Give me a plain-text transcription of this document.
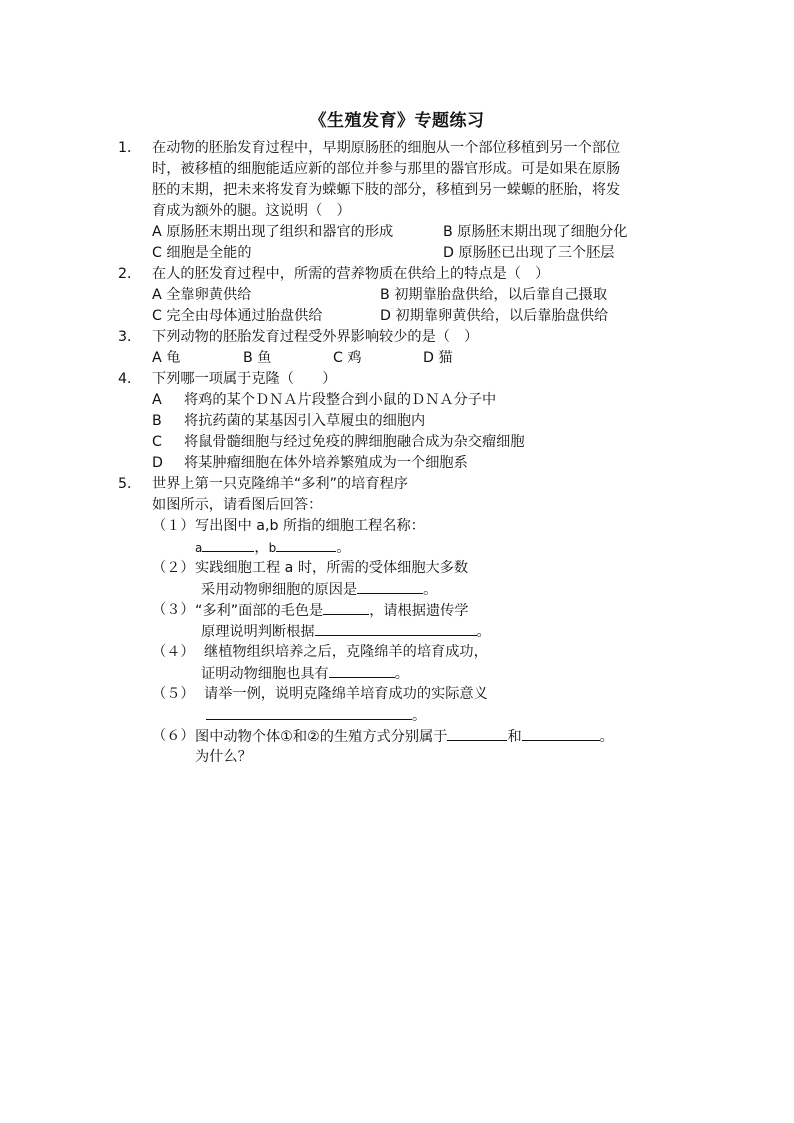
《生殖发育》专题练习
1． 在动物的胚胎发育过程中，早期原肠胚的细胞从一个部位移植到另一个部位
时，被移植的细胞能适应新的部位并参与那里的器官形成。可是如果在原肠
胚的末期，把未来将发育为蝾螈下肢的部分，移植到另一蝾螈的胚胎，将发
育成为额外的腿。这说明（　）
A 原肠胚末期出现了组织和器官的形成	B 原肠胚末期出现了细胞分化
C 细胞是全能的	D 原肠胚已出现了三个胚层
2． 在人的胚发育过程中，所需的营养物质在供给上的特点是（　）
A 全靠卵黄供给	B 初期靠胎盘供给，以后靠自己摄取
C 完全由母体通过胎盘供给	D 初期靠卵黄供给，以后靠胎盘供给
3． 下列动物的胚胎发育过程受外界影响较少的是（　）
A 龟	B 鱼	C 鸡	D 猫
4． 下列哪一项属于克隆（　　）
A 将鸡的某个ＤＮＡ片段整合到小鼠的ＤＮＡ分子中
B 将抗药菌的某基因引入草履虫的细胞内
C 将鼠骨髓细胞与经过免疫的脾细胞融合成为杂交瘤细胞
D 将某肿瘤细胞在体外培养繁殖成为一个细胞系
5． 世界上第一只克隆绵羊“多利”的培育程序
如图所示，请看图后回答：
（１） 写出图中 a,b 所指的细胞工程名称：
a	，b	。
（２） 实践细胞工程 a 时，所需的受体细胞大多数
采用动物卵细胞的原因是	。
（３） “多利”面部的毛色是	，请根据遗传学
原理说明判断根据	。
（４） 继植物组织培养之后，克隆绵羊的培育成功，
证明动物细胞也具有	。
（５） 请举一例，说明克隆绵羊培育成功的实际意义
。
（６） 图中动物个体①和②的生殖方式分别属于	和	。
为什么？
